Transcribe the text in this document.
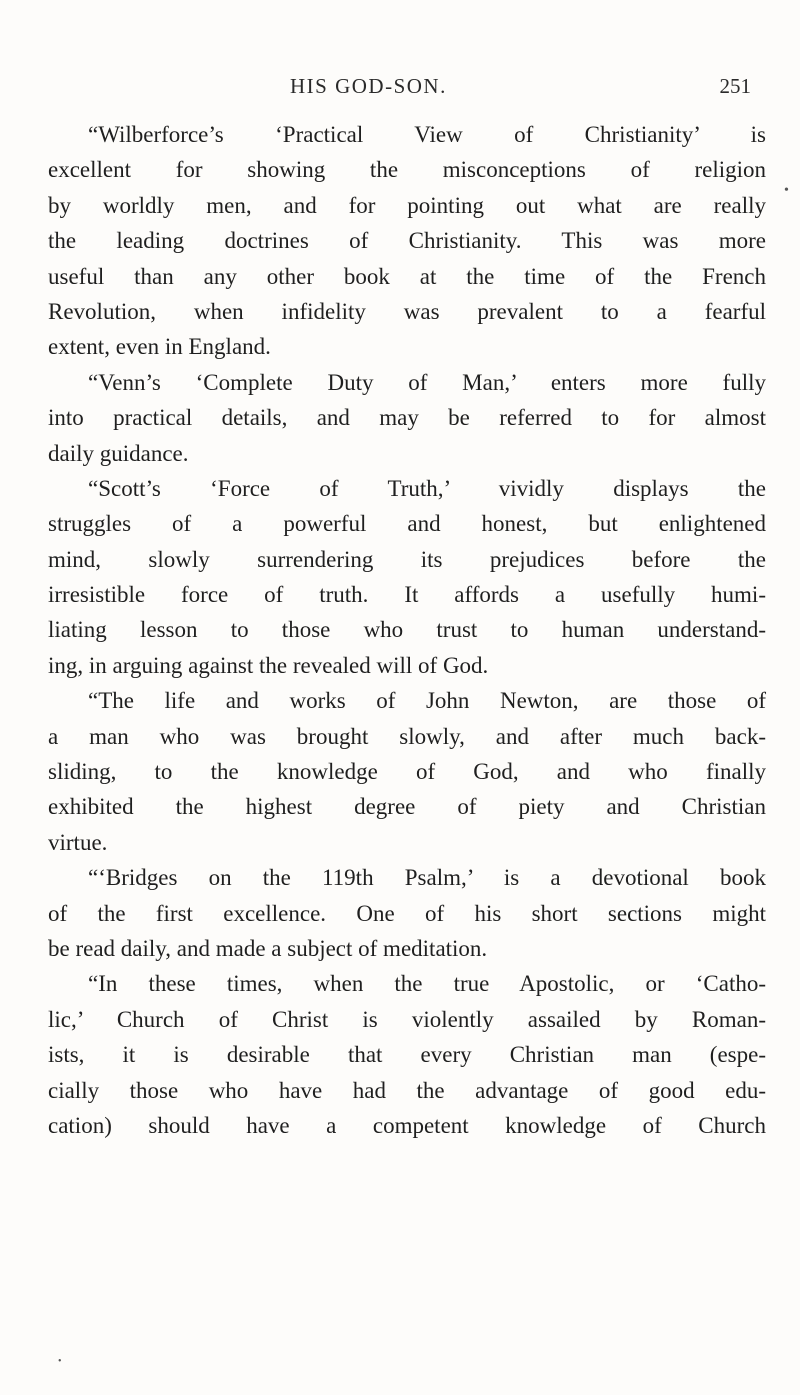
HIS GOD-SON.	251
“Wilberforce’s ‘Practical View of Christianity’ is
excellent for showing the misconceptions of religion
by worldly men, and for pointing out what are really
the leading doctrines of Christianity. This was more
useful than any other book at the time of the French
Revolution, when infidelity was prevalent to a fearful
extent, even in England.
“Venn’s ‘Complete Duty of Man,’ enters more fully
into practical details, and may be referred to for almost
daily guidance.
“Scott’s ‘Force of Truth,’ vividly displays the
struggles of a powerful and honest, but enlightened
mind, slowly surrendering its prejudices before the
irresistible force of truth. It affords a usefully humi-
liating lesson to those who trust to human understand-
ing, in arguing against the revealed will of God.
“The life and works of John Newton, are those of
a man who was brought slowly, and after much back-
sliding, to the knowledge of God, and who finally
exhibited the highest degree of piety and Christian
virtue.
“‘Bridges on the 119th Psalm,’ is a devotional book
of the first excellence. One of his short sections might
be read daily, and made a subject of meditation.
“In these times, when the true Apostolic, or ‘Catho-
lic,’ Church of Christ is violently assailed by Roman-
ists, it is desirable that every Christian man (espe-
cially those who have had the advantage of good edu-
cation) should have a competent knowledge of Church
•
•
